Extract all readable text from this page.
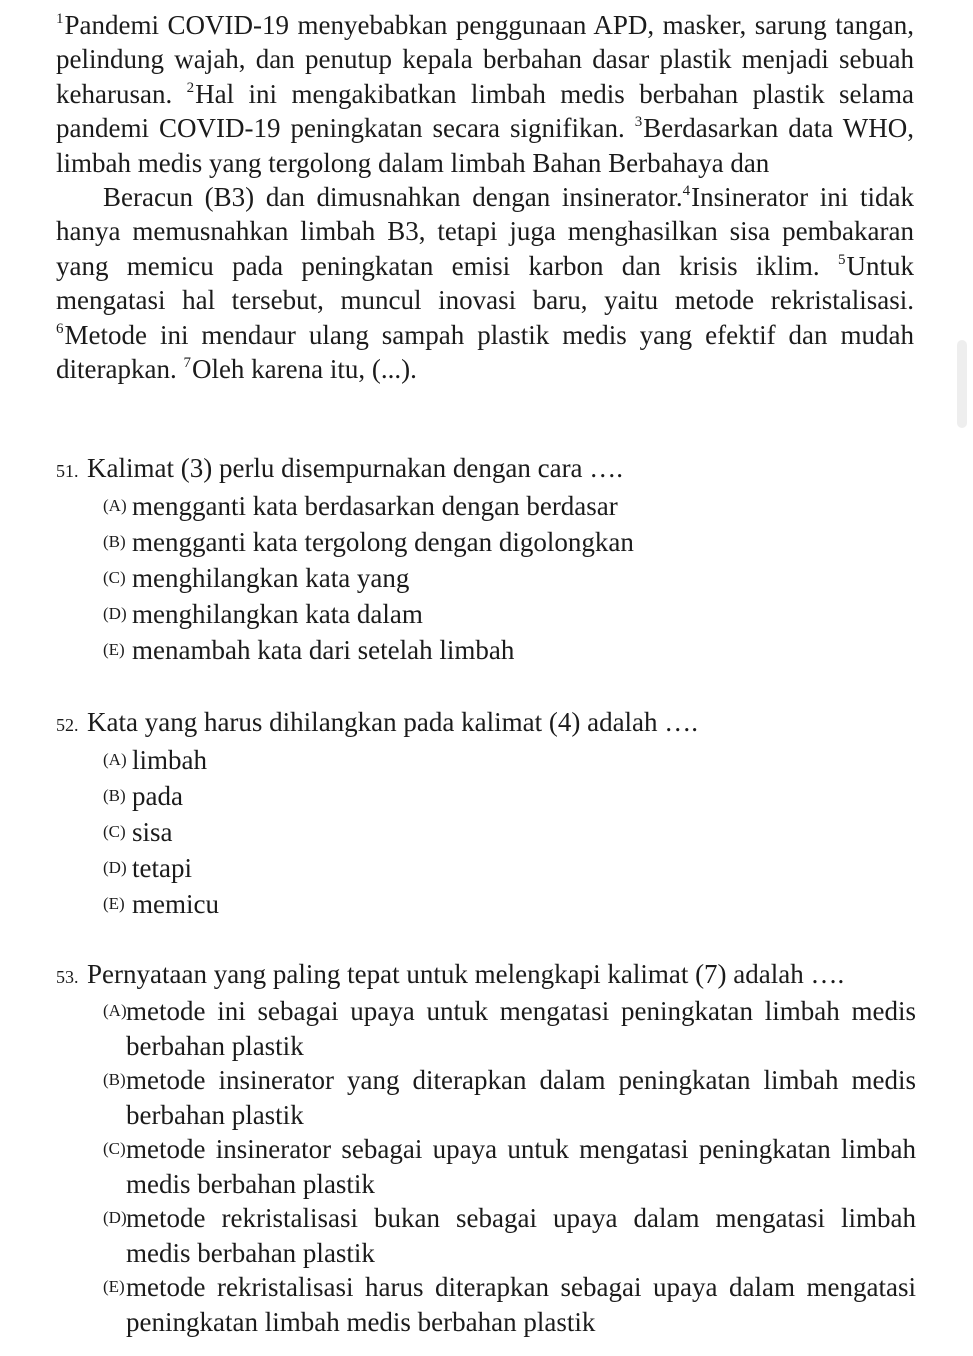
$^1$Pandemi COVID-19 menyebabkan penggunaan APD, masker, sarung tangan, pelindung wajah, dan penutup kepala berbahan dasar plastik menjadi sebuah keharusan. $^2$Hal ini mengakibatkan limbah medis berbahan plastik selama pandemi COVID-19 peningkatan secara signifikan. $^3$Berdasarkan data WHO, limbah medis yang tergolong dalam limbah Bahan Berbahaya dan
Beracun (B3) dan dimusnahkan dengan insinerator.$^4$Insinerator ini tidak hanya memusnahkan limbah B3, tetapi juga menghasilkan sisa pembakaran yang memicu pada peningkatan emisi karbon dan krisis iklim. $^5$Untuk mengatasi hal tersebut, muncul inovasi baru, yaitu metode rekristalisasi. $^6$Metode ini mendaur ulang sampah plastik medis yang efektif dan mudah diterapkan. $^7$Oleh karena itu, (...).
51. Kalimat (3) perlu disempurnakan dengan cara ….
(A) mengganti kata berdasarkan dengan berdasar
(B) mengganti kata tergolong dengan digolongkan
(C) menghilangkan kata yang
(D) menghilangkan kata dalam
(E) menambah kata dari setelah limbah
52. Kata yang harus dihilangkan pada kalimat (4) adalah ….
(A) limbah
(B) pada
(C) sisa
(D) tetapi
(E) memicu
53. Pernyataan yang paling tepat untuk melengkapi kalimat (7) adalah ….
(A) metode ini sebagai upaya untuk mengatasi peningkatan limbah medis berbahan plastik
(B) metode insinerator yang diterapkan dalam peningkatan limbah medis berbahan plastik
(C) metode insinerator sebagai upaya untuk mengatasi peningkatan limbah medis berbahan plastik
(D) metode rekristalisasi bukan sebagai upaya dalam mengatasi limbah medis berbahan plastik
(E) metode rekristalisasi harus diterapkan sebagai upaya dalam mengatasi peningkatan limbah medis berbahan plastik
